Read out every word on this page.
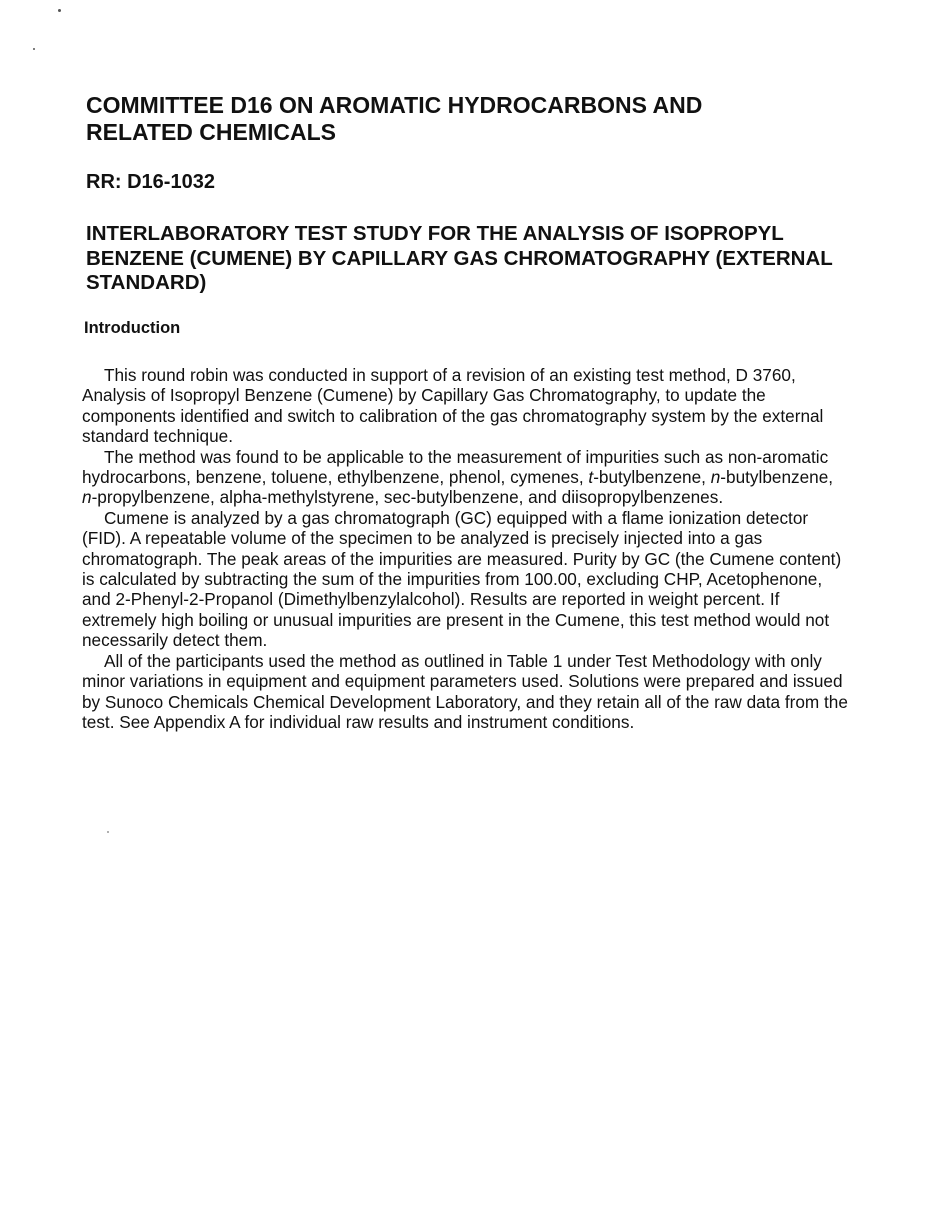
COMMITTEE D16 ON AROMATIC HYDROCARBONS AND RELATED CHEMICALS
RR: D16-1032
INTERLABORATORY TEST STUDY FOR THE ANALYSIS OF ISOPROPYL BENZENE (CUMENE) BY CAPILLARY GAS CHROMATOGRAPHY (EXTERNAL STANDARD)
Introduction

This round robin was conducted in support of a revision of an existing test method, D 3760, Analysis of Isopropyl Benzene (Cumene) by Capillary Gas Chromatography, to update the components identified and switch to calibration of the gas chromatography system by the external standard technique.

The method was found to be applicable to the measurement of impurities such as non-aromatic hydrocarbons, benzene, toluene, ethylbenzene, phenol, cymenes, t-butylbenzene, n-butylbenzene, n-propylbenzene, alpha-methylstyrene, sec-butylbenzene, and diisopropylbenzenes.

Cumene is analyzed by a gas chromatograph (GC) equipped with a flame ionization detector (FID). A repeatable volume of the specimen to be analyzed is precisely injected into a gas chromatograph. The peak areas of the impurities are measured. Purity by GC (the Cumene content) is calculated by subtracting the sum of the impurities from 100.00, excluding CHP, Acetophenone, and 2-Phenyl-2-Propanol (Dimethylbenzylalcohol). Results are reported in weight percent. If extremely high boiling or unusual impurities are present in the Cumene, this test method would not necessarily detect them.

All of the participants used the method as outlined in Table 1 under Test Methodology with only minor variations in equipment and equipment parameters used. Solutions were prepared and issued by Sunoco Chemicals Chemical Development Laboratory, and they retain all of the raw data from the test. See Appendix A for individual raw results and instrument conditions.
